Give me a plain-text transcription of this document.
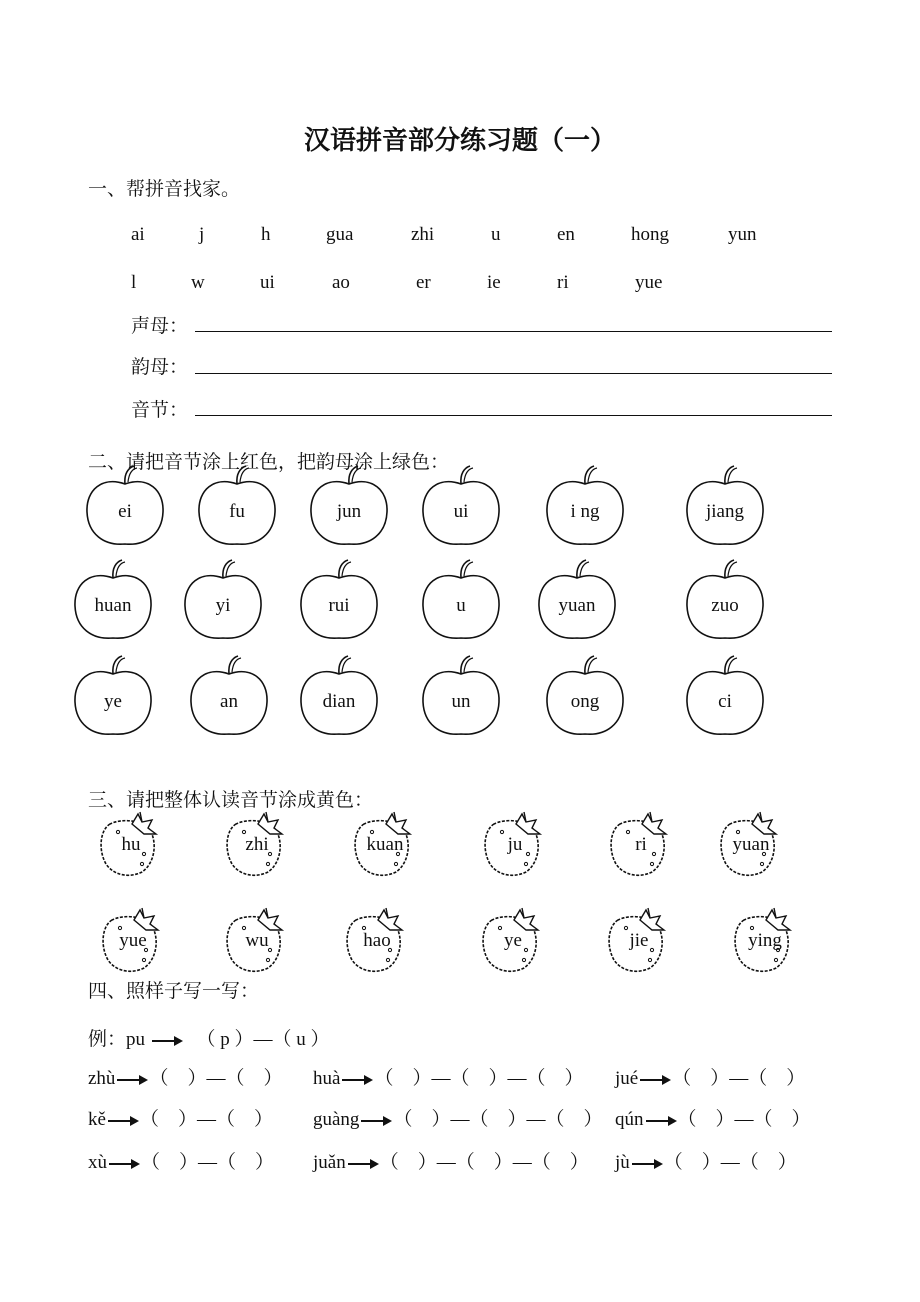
汉语拼音部分练习题（一）
一、帮拼音找家。
ai	j	h	gua	zhi	u	en	hong	yun
l	w	ui	ao	er	ie	ri	yue
声母：
韵母：
音节：
二、请把音节涂上红色，把韵母涂上绿色：
ei	fu	jun	ui	i ng	jiang
huan	yi	rui	u	yuan	zuo
ye	an	dian	un	ong	ci
三、请把整体认读音节涂成黄色：
hu	zhi	kuan	ju	ri	yuan
yue	wu	hao	ye	jie	ying
四、照样子写一写：
例：pu	（ p ）—（ u ）
zhù （　）—（　） huà （　）—（　）—（　） jué （　）—（　）
kě （　）—（　） guàng （　）—（　）—（　） qún （　）—（　）
xù （　）—（　） juǎn （　）—（　）—（　） jù （　）—（　）
